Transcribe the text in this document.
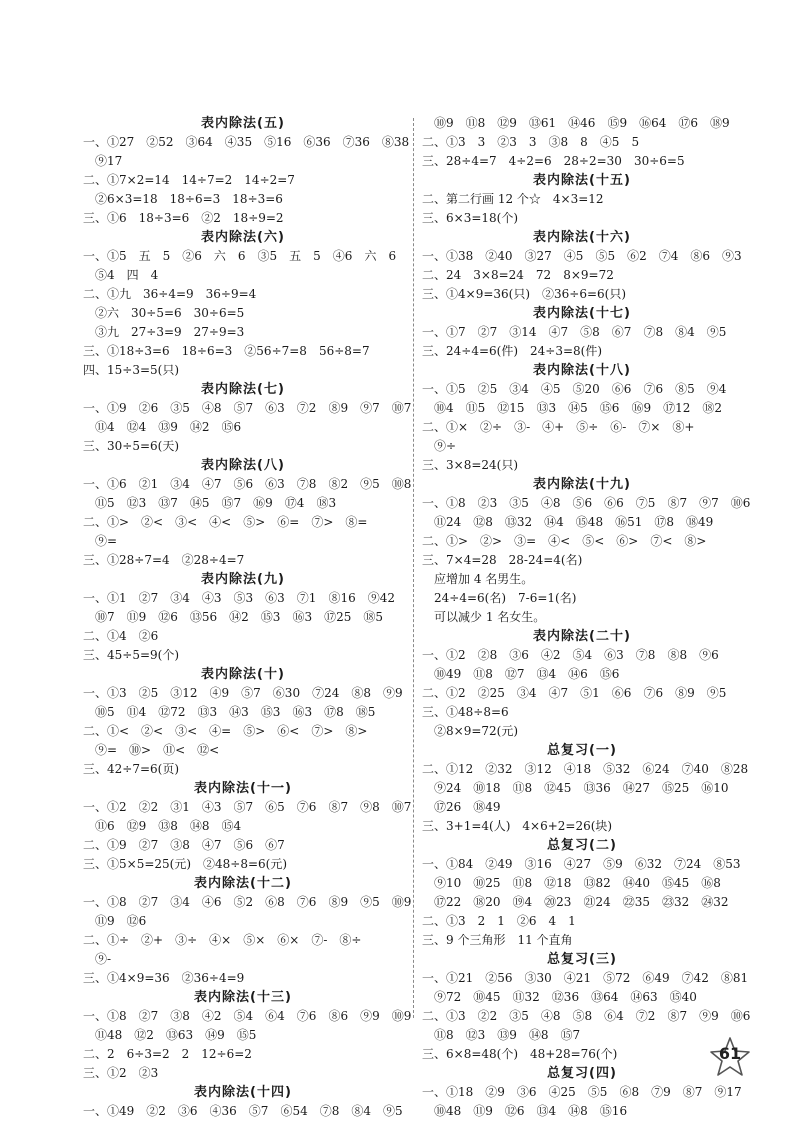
表内除法(五)
一、①27　②52　③64　④35　⑤16　⑥36　⑦36　⑧38
　⑨17
二、①7×2=14　14÷7=2　14÷2=7
　②6×3=18　18÷6=3　18÷3=6
三、①6　18÷3=6　②2　18÷9=2
表内除法(六)
一、①5　五　5　②6　六　6　③5　五　5　④6　六　6
　⑤4　四　4
二、①九　36÷4=9　36÷9=4
　②六　30÷5=6　30÷6=5
　③九　27÷3=9　27÷9=3
三、①18÷3=6　18÷6=3　②56÷7=8　56÷8=7
四、15÷3=5(只)
表内除法(七)
一、①9　②6　③5　④8　⑤7　⑥3　⑦2　⑧9　⑨7　⑩7
　⑪4　⑫4　⑬9　⑭2　⑮6
三、30÷5=6(天)
表内除法(八)
一、①6　②1　③4　④7　⑤6　⑥3　⑦8　⑧2　⑨5　⑩8
　⑪5　⑫3　⑬7　⑭5　⑮7　⑯9　⑰4　⑱3
二、①>　②<　③<　④<　⑤>　⑥=　⑦>　⑧=
　⑨=
三、①28÷7=4　②28÷4=7
表内除法(九)
一、①1　②7　③4　④3　⑤3　⑥3　⑦1　⑧16　⑨42
　⑩7　⑪9　⑫6　⑬56　⑭2　⑮3　⑯3　⑰25　⑱5
二、①4　②6
三、45÷5=9(个)
表内除法(十)
一、①3　②5　③12　④9　⑤7　⑥30　⑦24　⑧8　⑨9
　⑩5　⑪4　⑫72　⑬3　⑭3　⑮3　⑯3　⑰8　⑱5
二、①<　②<　③<　④=　⑤>　⑥<　⑦>　⑧>
　⑨=　⑩>　⑪<　⑫<
三、42÷7=6(页)
表内除法(十一)
一、①2　②2　③1　④3　⑤7　⑥5　⑦6　⑧7　⑨8　⑩7
　⑪6　⑫9　⑬8　⑭8　⑮4
二、①9　②7　③8　④7　⑤6　⑥7
三、①5×5=25(元)　②48÷8=6(元)
表内除法(十二)
一、①8　②7　③4　④6　⑤2　⑥8　⑦6　⑧9　⑨5　⑩9
　⑪9　⑫6
二、①÷　②+　③÷　④×　⑤×　⑥×　⑦-　⑧÷
　⑨-
三、①4×9=36　②36÷4=9
表内除法(十三)
一、①8　②7　③8　④2　⑤4　⑥4　⑦6　⑧6　⑨9　⑩9
　⑪48　⑫2　⑬63　⑭9　⑮5
二、2　6÷3=2　2　12÷6=2
三、①2　②3
表内除法(十四)
一、①49　②2　③6　④36　⑤7　⑥54　⑦8　⑧4　⑨5
　⑩9　⑪8　⑫9　⑬61　⑭46　⑮9　⑯64　⑰6　⑱9
二、①3　3　②3　3　③8　8　④5　5
三、28÷4=7　4÷2=6　28÷2=30　30÷6=5
表内除法(十五)
二、第二行画 12 个☆　4×3=12
三、6×3=18(个)
表内除法(十六)
一、①38　②40　③27　④5　⑤5　⑥2　⑦4　⑧6　⑨3
二、24　3×8=24　72　8×9=72
三、①4×9=36(只)　②36÷6=6(只)
表内除法(十七)
一、①7　②7　③14　④7　⑤8　⑥7　⑦8　⑧4　⑨5
三、24÷4=6(件)　24÷3=8(件)
表内除法(十八)
一、①5　②5　③4　④5　⑤20　⑥6　⑦6　⑧5　⑨4
　⑩4　⑪5　⑫15　⑬3　⑭5　⑮6　⑯9　⑰12　⑱2
二、①×　②÷　③-　④+　⑤÷　⑥-　⑦×　⑧+
　⑨÷
三、3×8=24(只)
表内除法(十九)
一、①8　②3　③5　④8　⑤6　⑥6　⑦5　⑧7　⑨7　⑩6
　⑪24　⑫8　⑬32　⑭4　⑮48　⑯51　⑰8　⑱49
二、①>　②>　③=　④<　⑤<　⑥>　⑦<　⑧>
三、7×4=28　28-24=4(名)
　应增加 4 名男生。
　24÷4=6(名)　7-6=1(名)
　可以减少 1 名女生。
表内除法(二十)
一、①2　②8　③6　④2　⑤4　⑥3　⑦8　⑧8　⑨6
　⑩49　⑪8　⑫7　⑬4　⑭6　⑮6
二、①2　②25　③4　④7　⑤1　⑥6　⑦6　⑧9　⑨5
三、①48÷8=6
　②8×9=72(元)
总复习(一)
二、①12　②32　③12　④18　⑤32　⑥24　⑦40　⑧28
　⑨24　⑩18　⑪8　⑫45　⑬36　⑭27　⑮25　⑯10
　⑰26　⑱49
三、3+1=4(人)　4×6+2=26(块)
总复习(二)
一、①84　②49　③16　④27　⑤9　⑥32　⑦24　⑧53
　⑨10　⑩25　⑪8　⑫18　⑬82　⑭40　⑮45　⑯8
　⑰22　⑱20　⑲4　⑳23　㉑24　㉒35　㉓32　㉔32
二、①3　2　1　②6　4　1
三、9 个三角形　11 个直角
总复习(三)
一、①21　②56　③30　④21　⑤72　⑥49　⑦42　⑧81
　⑨72　⑩45　⑪32　⑫36　⑬64　⑭63　⑮40
二、①3　②2　③5　④8　⑤8　⑥4　⑦2　⑧7　⑨9　⑩6
　⑪8　⑫3　⑬9　⑭8　⑮7
三、6×8=48(个)　48+28=76(个)
总复习(四)
一、①18　②9　③6　④25　⑤5　⑥8　⑦9　⑧7　⑨17
　⑩48　⑪9　⑫6　⑬4　⑭8　⑮16
61
